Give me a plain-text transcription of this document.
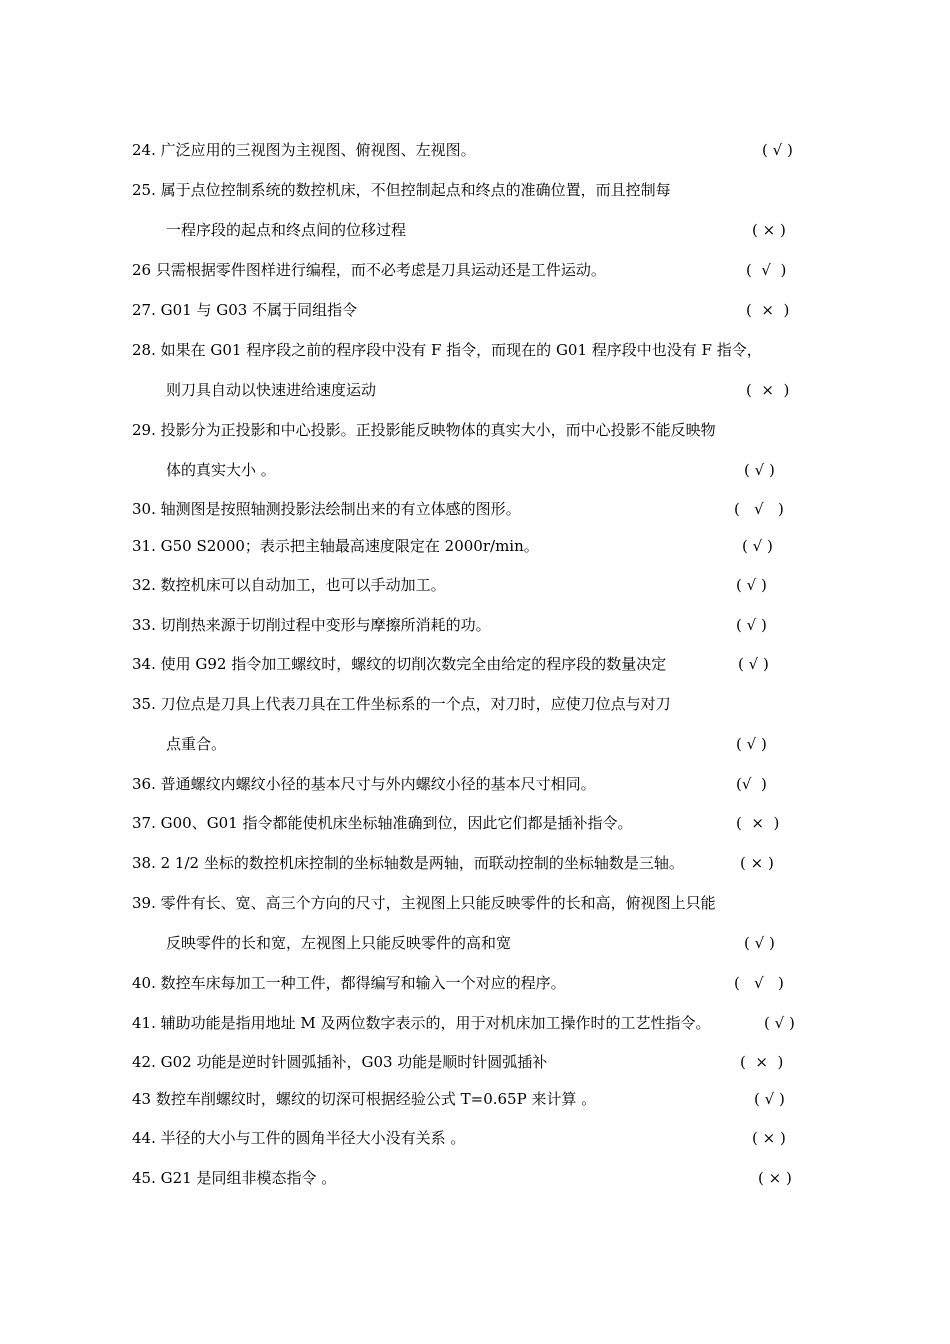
24. 广泛应用的三视图为主视图、俯视图、左视图。	( √ )
25. 属于点位控制系统的数控机床，不但控制起点和终点的准确位置，而且控制每
一程序段的起点和终点间的位移过程	( × )
26 只需根据零件图样进行编程，而不必考虑是刀具运动还是工件运动。	(  √  )
27. G01 与 G03 不属于同组指令	(  ×  )
28. 如果在 G01 程序段之前的程序段中没有 F 指令，而现在的 G01 程序段中也没有 F 指令，
则刀具自动以快速进给速度运动	(  ×  )
29. 投影分为正投影和中心投影。正投影能反映物体的真实大小，而中心投影不能反映物
体的真实大小 。	( √ )
30. 轴测图是按照轴测投影法绘制出来的有立体感的图形。	(   √   )
31. G50 S2000；表示把主轴最高速度限定在 2000r/min。	( √ )
32. 数控机床可以自动加工，也可以手动加工。	( √ )
33. 切削热来源于切削过程中变形与摩擦所消耗的功。	( √ )
34. 使用 G92 指令加工螺纹时，螺纹的切削次数完全由给定的程序段的数量决定	( √ )
35. 刀位点是刀具上代表刀具在工件坐标系的一个点，对刀时，应使刀位点与对刀
点重合。	( √ )
36. 普通螺纹内螺纹小径的基本尺寸与外内螺纹小径的基本尺寸相同。	(√  )
37. G00、G01 指令都能使机床坐标轴准确到位，因此它们都是插补指令。	(  ×  )
38. 2 1/2 坐标的数控机床控制的坐标轴数是两轴，而联动控制的坐标轴数是三轴。	( × )
39. 零件有长、宽、高三个方向的尺寸，主视图上只能反映零件的长和高，俯视图上只能
反映零件的长和宽，左视图上只能反映零件的高和宽	( √ )
40. 数控车床每加工一种工件，都得编写和输入一个对应的程序。	(   √   )
41. 辅助功能是指用地址 M 及两位数字表示的，用于对机床加工操作时的工艺性指令。	( √ )
42. G02 功能是逆时针圆弧插补，G03 功能是顺时针圆弧插补	(  ×  )
43 数控车削螺纹时，螺纹的切深可根据经验公式 T=0.65P 来计算 。	( √ )
44. 半径的大小与工件的圆角半径大小没有关系 。	( × )
45. G21 是同组非模态指令 。	( × )
